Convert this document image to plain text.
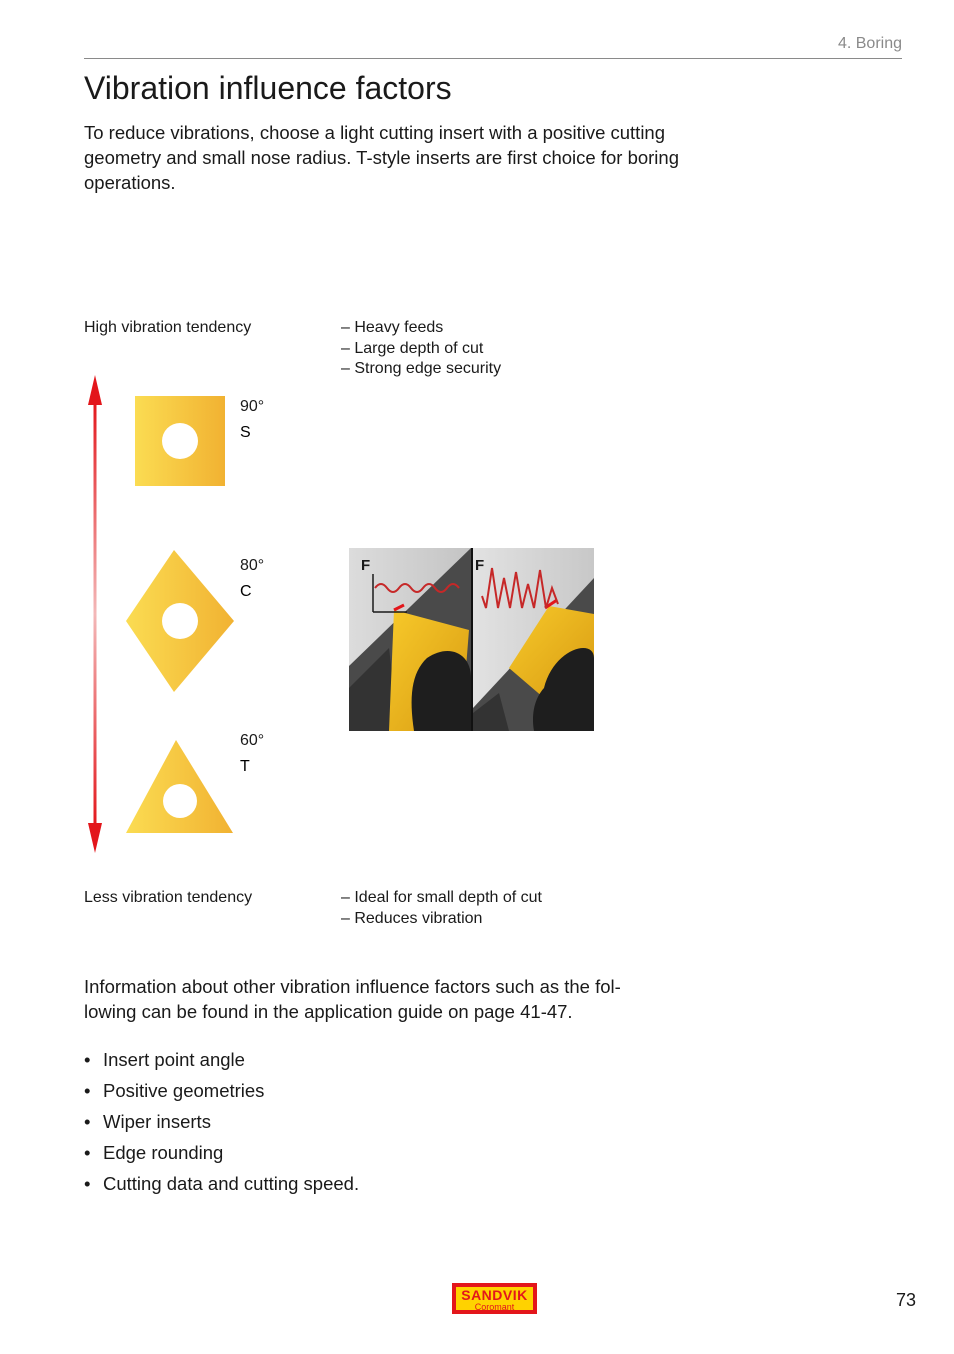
4. Boring
Vibration influence factors

To reduce vibrations, choose a light cutting insert with a positive cutting geometry and small nose radius. T-style inserts are first choice for boring operations.

High vibration tendency	– Heavy feeds
– Large depth of cut
– Strong edge security
90°
S
80°
C
60°
T
F	F
Less vibration tendency	– Ideal for small depth of cut
– Reduces vibration

Information about other vibration influence factors such as the fol-
lowing can be found in the application guide on page 41-47.

• Insert point angle
• Positive geometries
• Wiper inserts
• Edge rounding
• Cutting data and cutting speed.
SANDVIK
Coromant	73
